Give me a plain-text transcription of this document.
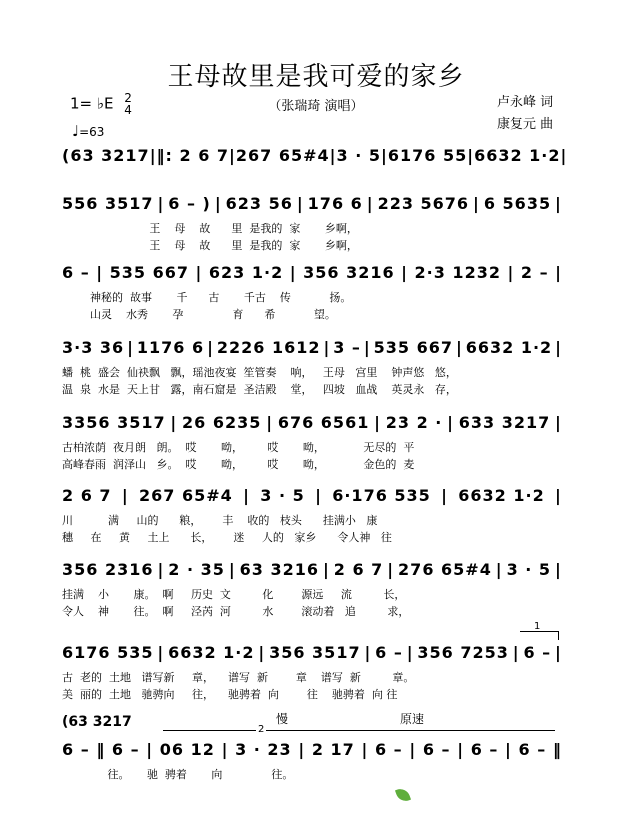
王母故里是我可爱的家乡
1= ♭E 2
4
♩=63
（张瑞琦 演唱）	卢永峰 词
康复元 曲
(63 3217 | ‖: 2 6 7 | 267 65#4 | 3 · 5 | 6176 55 | 6632 1·2 |
556 3517 | 6 – ) | 623 56 | 176 6 | 223 5676 | 6 5635 |
王    母    故      里  是我的  家       乡啊，
王    母    故      里  是我的  家       乡啊，
6 – | 535 667 | 623 1·2 | 356 3216 | 2·3 1232 | 2 – |
神秘的  故事       千      古       千古    传           扬。
山灵    水秀       孕              育      希           望。
3·3 36 | 1176 6 | 2226 1612 | 3 – | 535 667 | 6632 1·2 |
蟠  桃  盛会  仙袂飘   飘，瑶池夜宴  笙管奏    响，   王母   宫里    钟声悠   悠，
温  泉  水是  天上甘   露，南石窟是  圣洁殿    堂，   四坡   血战    英灵永   存，
3356 3517 | 26 6235 | 676 6561 | 23 2 · | 633 3217 |
古柏浓荫  夜月朗   朗。  哎       呦，       哎       呦，           无尽的  平
高峰春雨  润泽山   乡。  哎       呦，       哎       呦，           金色的  麦
2 6 7 | 267 65#4 | 3 · 5 | 6·176 535 | 6632 1·2 |
川          满     山的      粮，      丰    收的   枝头      挂满小   康
穗     在     黄     土上      长，      迷     人的   家乡      令人神   往
356 2316 | 2 · 35 | 63 3216 | 2 6 7 | 276 65#4 | 3 · 5 |
挂满    小       康。  啊     历史  文         化        源远     流         长，
令人    神       往。  啊     泾芮  河         水        滚动着   追         求，
1
6176 535 | 6632 1·2 | 356 3517 | 6 – | 356 7253 | 6 – |
古  老的  土地   谱写新     章，    谱写  新        章    谱写  新         章。
美  丽的  土地   驰骋向     往，    驰骋着  向        往    驰骋着  向 往
(63 3217	2
慢	原速
6 – ‖ 6 – | 06 12 | 3 · 23 | 2 17 | 6 – | 6 – | 6 – | 6 – ‖
往。     驰  骋着       向              往。
